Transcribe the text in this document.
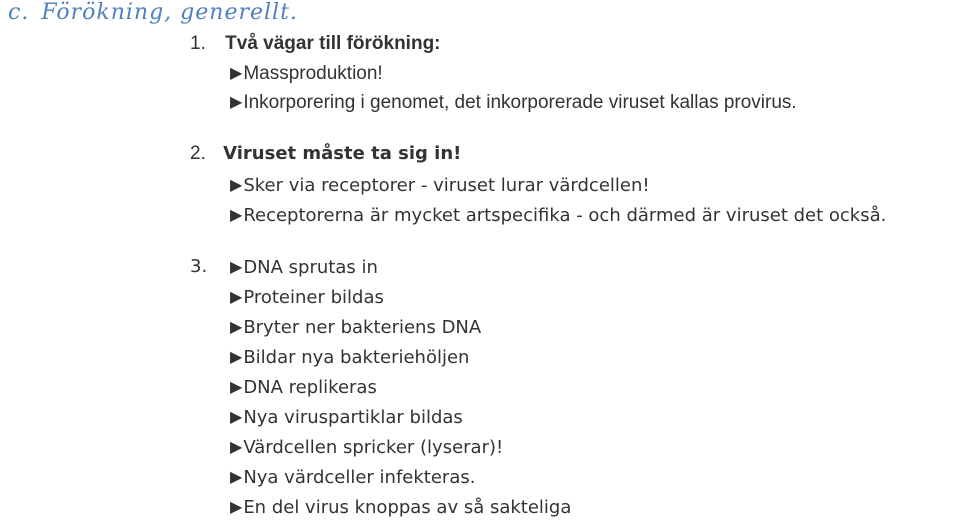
c. Förökning, generellt.
1. Två vägar till förökning:
▶Massproduktion!
▶Inkorporering i genomet, det inkorporerade viruset kallas provirus.
2. Viruset måste ta sig in!
▶Sker via receptorer - viruset lurar värdcellen!
▶Receptorerna är mycket artspecifika - och därmed är viruset det också.
3. ▶DNA sprutas in
▶Proteiner bildas
▶Bryter ner bakteriens DNA
▶Bildar nya bakteriehöljen
▶DNA replikeras
▶Nya viruspartiklar bildas
▶Värdcellen spricker (lyserar)!
▶Nya värdceller infekteras.
▶En del virus knoppas av så sakteliga
